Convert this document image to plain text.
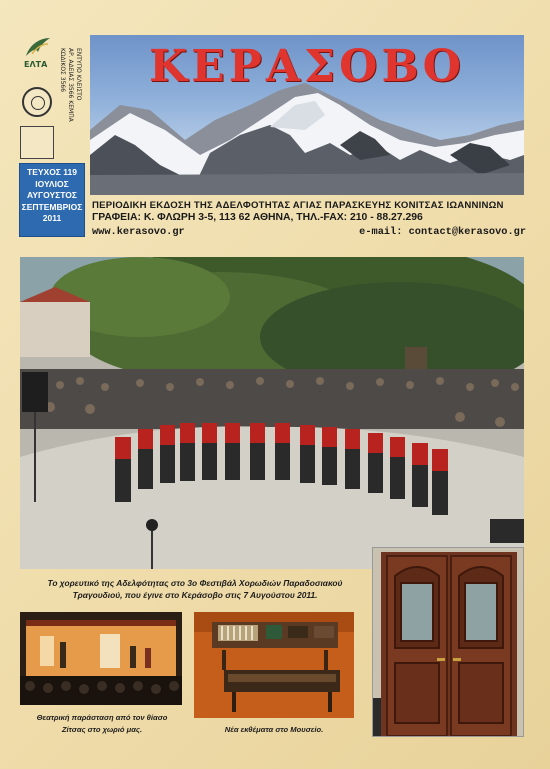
ΕΛΤΑ	ΕΝΤΥΠΟ ΚΛΕΙΣΤΟ
ΑΡ. ΑΔΕΙΑΣ 3566 ΚΕΜΠΑ
ΚΩΔΙΚΟΣ 3566
ΤΕΥΧΟΣ 119
ΙΟΥΛΙΟΣ
ΑΥΓΟΥΣΤΟΣ
ΣΕΠΤΕΜΒΡΙΟΣ
2011
ΚΕΡΑΣΟΒΟ
ΠΕΡΙΟΔΙΚΗ ΕΚΔΟΣΗ ΤΗΣ ΑΔΕΛΦΟΤΗΤΑΣ ΑΓΙΑΣ ΠΑΡΑΣΚΕΥΗΣ ΚΟΝΙΤΣΑΣ ΙΩΑΝΝΙΝΩΝ
ΓΡΑΦΕΙΑ: Κ. ΦΛΩΡΗ 3-5, 113 62 ΑΘΗΝΑ, ΤΗΛ.-FAX: 210 - 88.27.296
www.kerasovo.gr	e-mail: contact@kerasovo.gr
Το χορευτικό της Αδελφότητας στο 3ο Φεστιβάλ Χορωδιών Παραδοσιακού
Τραγουδιού, που έγινε στο Κεράσοβο στις 7 Αυγούστου 2011.
Θεατρική παράσταση από τον θίασο
Ζίτσας στο χωριό μας.	Νέα εκθέματα στο Μουσείο.
